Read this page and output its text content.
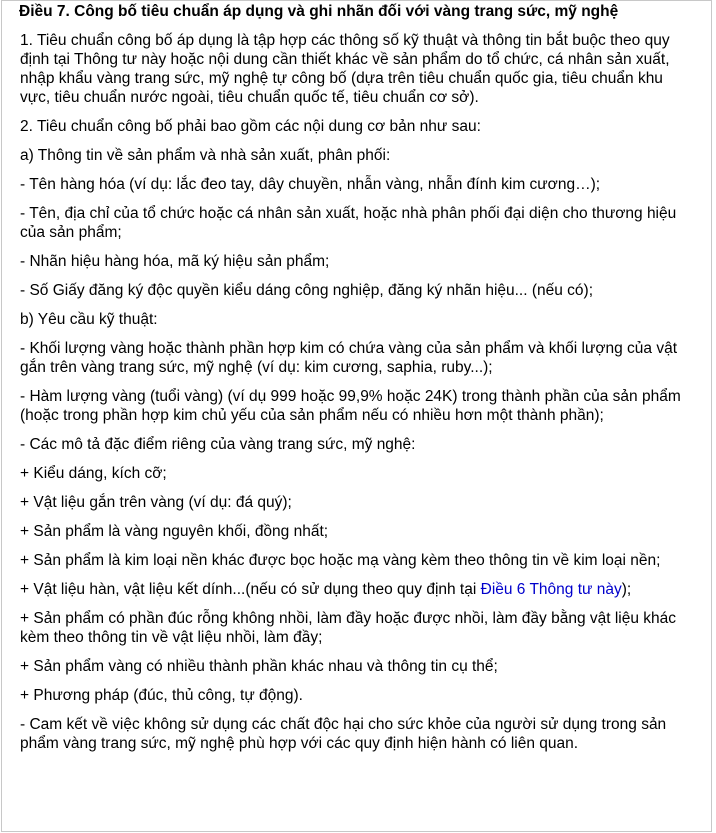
Điều 7. Công bố tiêu chuẩn áp dụng và ghi nhãn đối với vàng trang sức, mỹ nghệ
1. Tiêu chuẩn công bố áp dụng là tập hợp các thông số kỹ thuật và thông tin bắt buộc theo quy định tại Thông tư này hoặc nội dung cần thiết khác về sản phẩm do tổ chức, cá nhân sản xuất, nhập khẩu vàng trang sức, mỹ nghệ tự công bố (dựa trên tiêu chuẩn quốc gia, tiêu chuẩn khu vực, tiêu chuẩn nước ngoài, tiêu chuẩn quốc tế, tiêu chuẩn cơ sở).
2. Tiêu chuẩn công bố phải bao gồm các nội dung cơ bản như sau:
a) Thông tin về sản phẩm và nhà sản xuất, phân phối:
- Tên hàng hóa (ví dụ: lắc đeo tay, dây chuyền, nhẫn vàng, nhẫn đính kim cương…);
- Tên, địa chỉ của tổ chức hoặc cá nhân sản xuất, hoặc nhà phân phối đại diện cho thương hiệu của sản phẩm;
- Nhãn hiệu hàng hóa, mã ký hiệu sản phẩm;
- Số Giấy đăng ký độc quyền kiểu dáng công nghiệp, đăng ký nhãn hiệu... (nếu có);
b) Yêu cầu kỹ thuật:
- Khối lượng vàng hoặc thành phần hợp kim có chứa vàng của sản phẩm và khối lượng của vật gắn trên vàng trang sức, mỹ nghệ (ví dụ: kim cương, saphia, ruby...);
- Hàm lượng vàng (tuổi vàng) (ví dụ 999 hoặc 99,9% hoặc 24K) trong thành phần của sản phẩm (hoặc trong phần hợp kim chủ yếu của sản phẩm nếu có nhiều hơn một thành phần);
- Các mô tả đặc điểm riêng của vàng trang sức, mỹ nghệ:
+ Kiểu dáng, kích cỡ;
+ Vật liệu gắn trên vàng (ví dụ: đá quý);
+ Sản phẩm là vàng nguyên khối, đồng nhất;
+ Sản phẩm là kim loại nền khác được bọc hoặc mạ vàng kèm theo thông tin về kim loại nền;
+ Vật liệu hàn, vật liệu kết dính...(nếu có sử dụng theo quy định tại Điều 6 Thông tư này);
+ Sản phẩm có phần đúc rỗng không nhồi, làm đầy hoặc được nhồi, làm đầy bằng vật liệu khác kèm theo thông tin về vật liệu nhồi, làm đầy;
+ Sản phẩm vàng có nhiều thành phần khác nhau và thông tin cụ thể;
+ Phương pháp (đúc, thủ công, tự động).
- Cam kết về việc không sử dụng các chất độc hại cho sức khỏe của người sử dụng trong sản phẩm vàng trang sức, mỹ nghệ phù hợp với các quy định hiện hành có liên quan.
